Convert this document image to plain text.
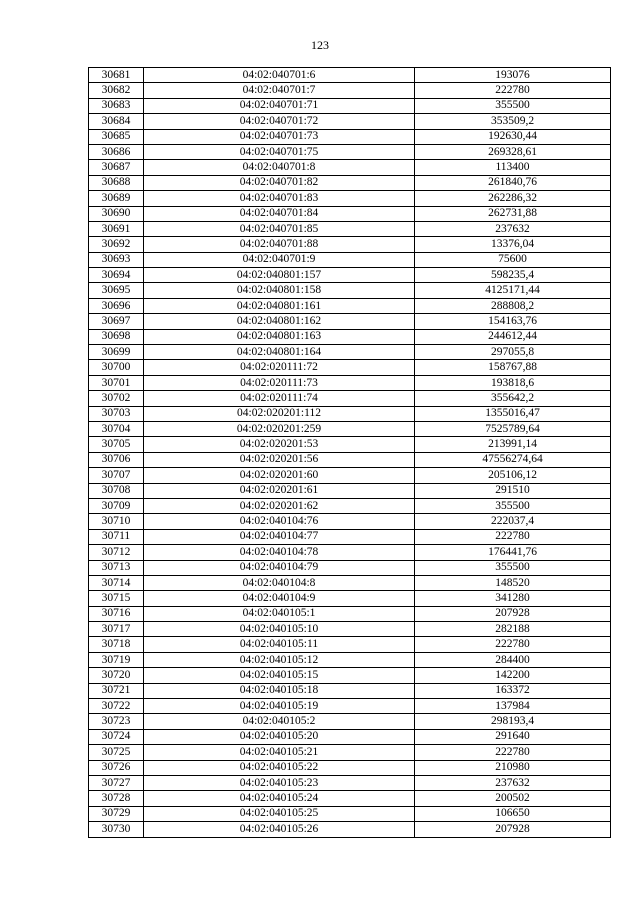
123
30681	04:02:040701:6	193076
30682	04:02:040701:7	222780
30683	04:02:040701:71	355500
30684	04:02:040701:72	353509,2
30685	04:02:040701:73	192630,44
30686	04:02:040701:75	269328,61
30687	04:02:040701:8	113400
30688	04:02:040701:82	261840,76
30689	04:02:040701:83	262286,32
30690	04:02:040701:84	262731,88
30691	04:02:040701:85	237632
30692	04:02:040701:88	13376,04
30693	04:02:040701:9	75600
30694	04:02:040801:157	598235,4
30695	04:02:040801:158	4125171,44
30696	04:02:040801:161	288808,2
30697	04:02:040801:162	154163,76
30698	04:02:040801:163	244612,44
30699	04:02:040801:164	297055,8
30700	04:02:020111:72	158767,88
30701	04:02:020111:73	193818,6
30702	04:02:020111:74	355642,2
30703	04:02:020201:112	1355016,47
30704	04:02:020201:259	7525789,64
30705	04:02:020201:53	213991,14
30706	04:02:020201:56	47556274,64
30707	04:02:020201:60	205106,12
30708	04:02:020201:61	291510
30709	04:02:020201:62	355500
30710	04:02:040104:76	222037,4
30711	04:02:040104:77	222780
30712	04:02:040104:78	176441,76
30713	04:02:040104:79	355500
30714	04:02:040104:8	148520
30715	04:02:040104:9	341280
30716	04:02:040105:1	207928
30717	04:02:040105:10	282188
30718	04:02:040105:11	222780
30719	04:02:040105:12	284400
30720	04:02:040105:15	142200
30721	04:02:040105:18	163372
30722	04:02:040105:19	137984
30723	04:02:040105:2	298193,4
30724	04:02:040105:20	291640
30725	04:02:040105:21	222780
30726	04:02:040105:22	210980
30727	04:02:040105:23	237632
30728	04:02:040105:24	200502
30729	04:02:040105:25	106650
30730	04:02:040105:26	207928
